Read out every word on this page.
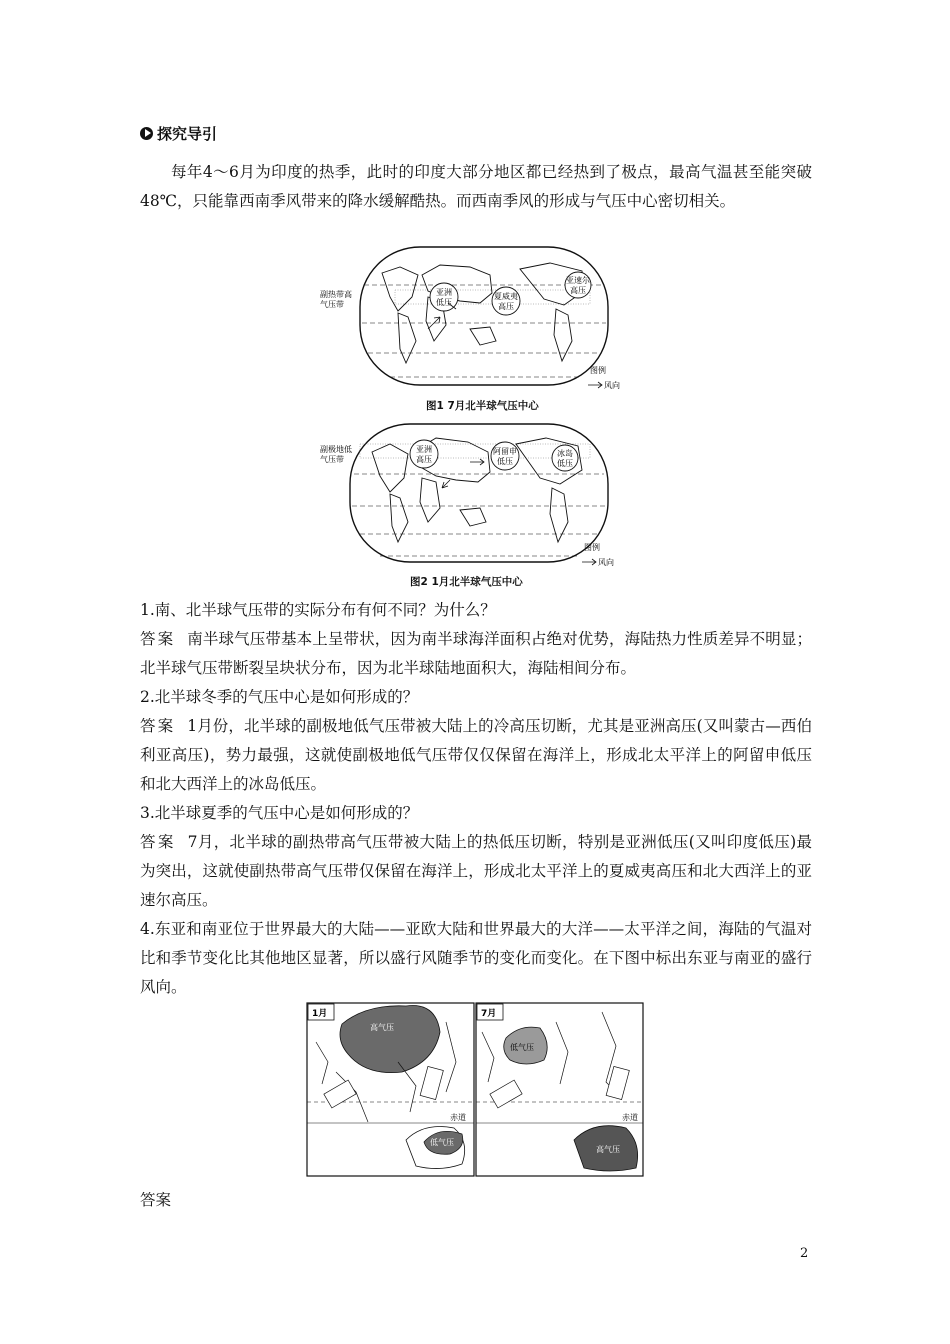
探究导引

每年4～6月为印度的热季，此时的印度大部分地区都已经热到了极点，最高气温甚至能突破48℃，只能靠西南季风带来的降水缓解酷热。而西南季风的形成与气压中心密切相关。

亚洲
低压
夏威夷
高压
亚速尔
高压
副热带高
气压带
图例
风向
图1 7月北半球气压中心
亚洲
高压
阿留申
低压
冰岛
低压
副极地低
气压带
图例
风向
图2 1月北半球气压中心

1.南、北半球气压带的实际分布有何不同？为什么？

答案 南半球气压带基本上呈带状，因为南半球海洋面积占绝对优势，海陆热力性质差异不明显；北半球气压带断裂呈块状分布，因为北半球陆地面积大，海陆相间分布。

2.北半球冬季的气压中心是如何形成的？

答案 1月份，北半球的副极地低气压带被大陆上的冷高压切断，尤其是亚洲高压(又叫蒙古—西伯利亚高压)，势力最强，这就使副极地低气压带仅仅保留在海洋上，形成北太平洋上的阿留申低压和北大西洋上的冰岛低压。

3.北半球夏季的气压中心是如何形成的？

答案 7月，北半球的副热带高气压带被大陆上的热低压切断，特别是亚洲低压(又叫印度低压)最为突出，这就使副热带高气压带仅保留在海洋上，形成北太平洋上的夏威夷高压和北大西洋上的亚速尔高压。

4.东亚和南亚位于世界最大的大陆——亚欧大陆和世界最大的大洋——太平洋之间，海陆的气温对比和季节变化比其他地区显著，所以盛行风随季节的变化而变化。在下图中标出东亚与南亚的盛行风向。

1月
高气压
低气压
赤道
7月
低气压
高气压
赤道

答案

2
